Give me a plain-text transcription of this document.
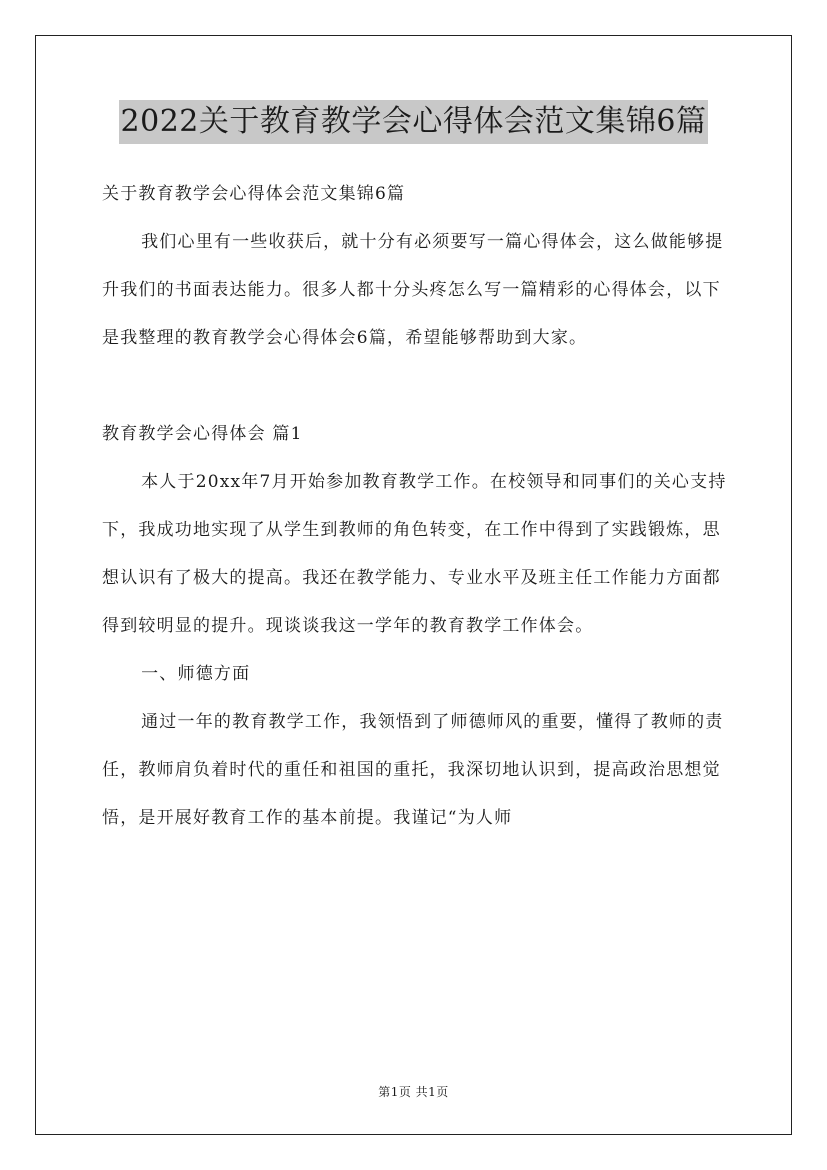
2022关于教育教学会心得体会范文集锦6篇

关于教育教学会心得体会范文集锦6篇

我们心里有一些收获后，就十分有必须要写一篇心得体会，这么做能够提升我们的书面表达能力。很多人都十分头疼怎么写一篇精彩的心得体会，以下是我整理的教育教学会心得体会6篇，希望能够帮助到大家。

教育教学会心得体会 篇1

本人于20xx年7月开始参加教育教学工作。在校领导和同事们的关心支持下，我成功地实现了从学生到教师的角色转变，在工作中得到了实践锻炼，思想认识有了极大的提高。我还在教学能力、专业水平及班主任工作能力方面都得到较明显的提升。现谈谈我这一学年的教育教学工作体会。

一、师德方面

通过一年的教育教学工作，我领悟到了师德师风的重要，懂得了教师的责任，教师肩负着时代的重任和祖国的重托，我深切地认识到，提高政治思想觉悟，是开展好教育工作的基本前提。我谨记“为人师

第1页 共1页
